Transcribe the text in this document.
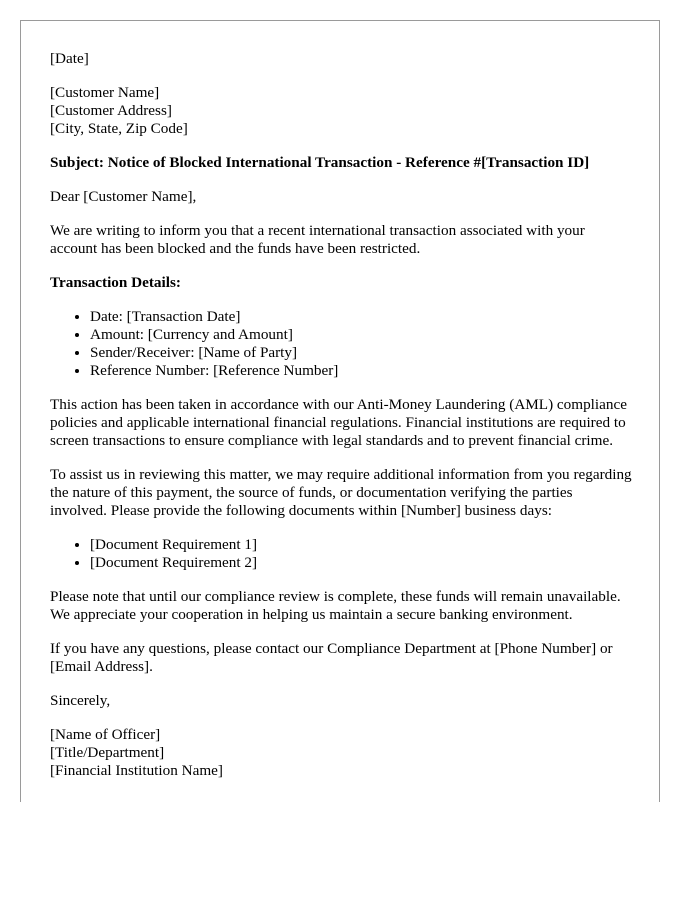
[Date]

[Customer Name]
[Customer Address]
[City, State, Zip Code]

Subject: Notice of Blocked International Transaction - Reference #[Transaction ID]

Dear [Customer Name],

We are writing to inform you that a recent international transaction associated with your account has been blocked and the funds have been restricted.

Transaction Details:

• Date: [Transaction Date]
• Amount: [Currency and Amount]
• Sender/Receiver: [Name of Party]
• Reference Number: [Reference Number]

This action has been taken in accordance with our Anti-Money Laundering (AML) compliance policies and applicable international financial regulations. Financial institutions are required to screen transactions to ensure compliance with legal standards and to prevent financial crime.

To assist us in reviewing this matter, we may require additional information from you regarding the nature of this payment, the source of funds, or documentation verifying the parties involved. Please provide the following documents within [Number] business days:

• [Document Requirement 1]
• [Document Requirement 2]

Please note that until our compliance review is complete, these funds will remain unavailable. We appreciate your cooperation in helping us maintain a secure banking environment.

If you have any questions, please contact our Compliance Department at [Phone Number] or [Email Address].

Sincerely,

[Name of Officer]
[Title/Department]
[Financial Institution Name]
